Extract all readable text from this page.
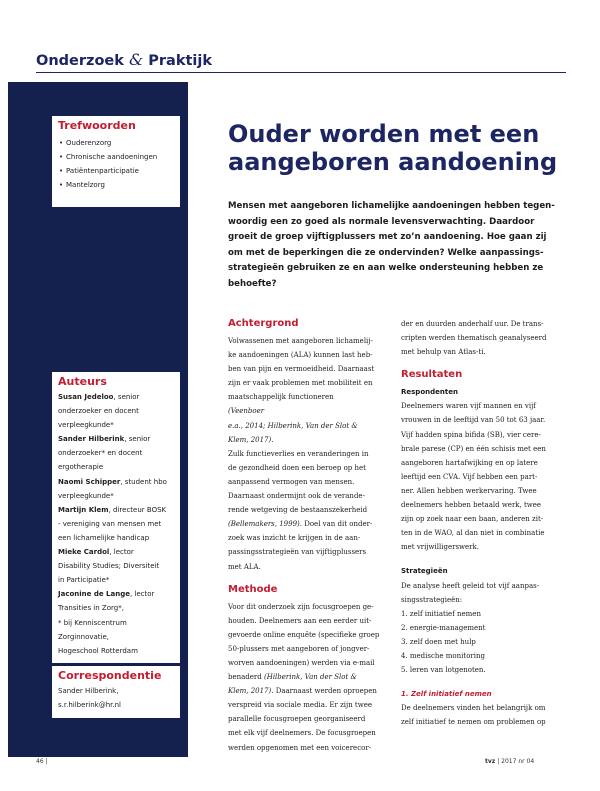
Onderzoek & Praktijk
Trefwoorden
• Ouderenzorg
• Chronische aandoeningen
• Patiëntenparticipatie
• Mantelzorg
Auteurs
Susan Jedeloo, senior
onderzoeker en docent
verpleegkunde*
Sander Hilberink, senior
onderzoeker* en docent
ergotherapie
Naomi Schipper, student hbo
verpleegkunde*
Martijn Klem, directeur BOSK
- vereniging van mensen met
een lichamelijke handicap
Mieke Cardol, lector
Disability Studies; Diversiteit
in Participatie*
Jaconine de Lange, lector
Transities in Zorg*,
* bij Kenniscentrum
Zorginnovatie,
Hogeschool Rotterdam
Correspondentie
Sander Hilberink,
s.r.hilberink@hr.nl
Ouder worden met een
aangeboren aandoening
Mensen met aangeboren lichamelijke aandoeningen hebben tegen-
woordig een zo goed als normale levensverwachting. Daardoor
groeit de groep vijftigplussers met zo’n aandoening. Hoe gaan zij
om met de beperkingen die ze ondervinden? Welke aanpassings-
strategieën gebruiken ze en aan welke ondersteuning hebben ze
behoefte?
Achtergrond
Volwassenen met aangeboren lichamelij-
ke aandoeningen (ALA) kunnen last heb-
ben van pijn en vermoeidheid. Daarnaast
zijn er vaak problemen met mobiliteit en
maatschappelijk functioneren
(Veenboer
e.a., 2014; Hilberink, Van der Slot &
Klem, 2017).
Zulk functieverlies en veranderingen in
de gezondheid doen een beroep op het
aanpassend vermogen van mensen.
Daarnaast ondermijnt ook de verande-
rende wetgeving de bestaanszekerheid
(Bellemakers, 1999). Doel van dit onder-
zoek was inzicht te krijgen in de aan-
passingsstrategieën van vijftigplussers
met ALA.
Methode
Voor dit onderzoek zijn focusgroepen ge-
houden. Deelnemers aan een eerder uit-
gevoerde online enquête (specifieke groep
50-plussers met aangeboren of jongver-
worven aandoeningen) werden via e-mail
benaderd (Hilberink, Van der Slot &
Klem, 2017). Daarnaast werden oproepen
verspreid via sociale media. Er zijn twee
parallelle focusgroepen georganiseerd
met elk vijf deelnemers. De focusgroepen
werden opgenomen met een voicerecor-
der en duurden anderhalf uur. De trans-
cripten werden thematisch geanalyseerd
met behulp van Atlas-ti.
Resultaten
Respondenten
Deelnemers waren vijf mannen en vijf
vrouwen in de leeftijd van 50 tot 63 jaar.
Vijf hadden spina bifida (SB), vier cere-
brale parese (CP) en één schisis met een
aangeboren hartafwijking en op latere
leeftijd een CVA. Vijf hebben een part-
ner. Allen hebben werkervaring. Twee
deelnemers hebben betaald werk, twee
zijn op zoek naar een baan, anderen zit-
ten in de WAO, al dan niet in combinatie
met vrijwilligerswerk.
Strategieën
De analyse heeft geleid tot vijf aanpas-
singsstrategieën:
1. zelf initiatief nemen
2. energie-management
3. zelf doen met hulp
4. medische monitoring
5. leren van lotgenoten.
1. Zelf initiatief nemen
De deelnemers vinden het belangrijk om
zelf initiatief te nemen om problemen op
46 |	tvz | 2017 nr 04
